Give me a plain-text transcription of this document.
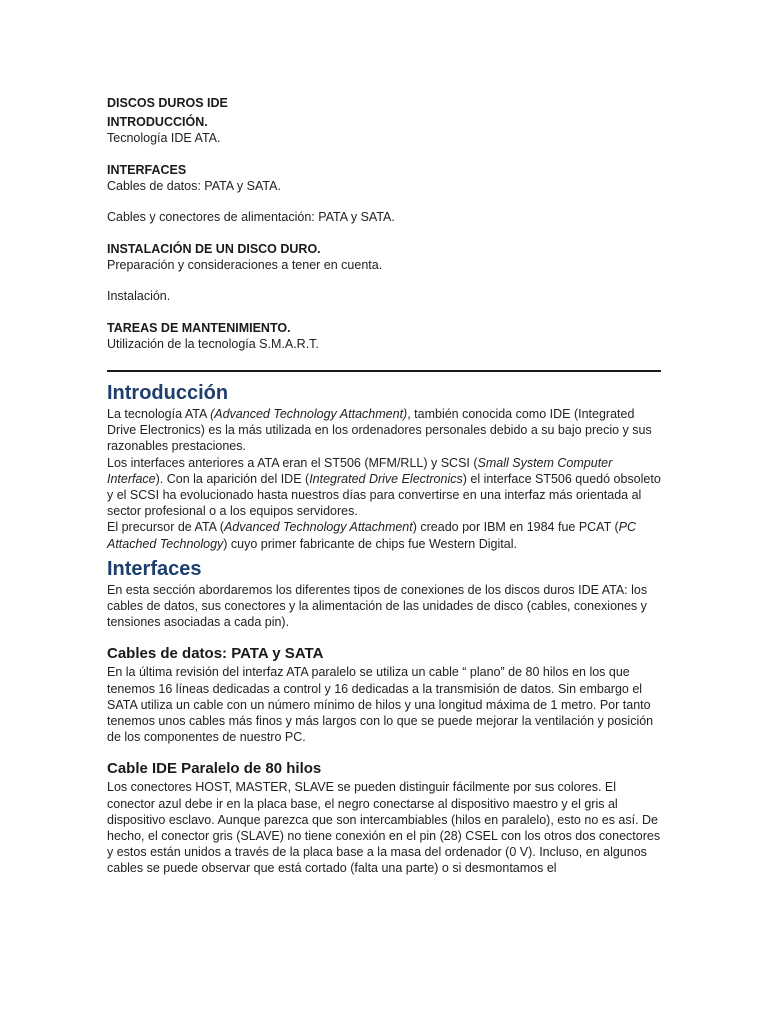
DISCOS DUROS IDE

INTRODUCCIÓN.

Tecnología IDE ATA.

INTERFACES

Cables de datos: PATA y SATA.

Cables y conectores de alimentación: PATA y SATA.

INSTALACIÓN DE UN DISCO DURO.

Preparación y consideraciones a tener en cuenta.

Instalación.

TAREAS DE MANTENIMIENTO.

Utilización de la tecnología S.M.A.R.T.

Introducción

La tecnología ATA (Advanced Technology Attachment), también conocida como IDE (Integrated Drive Electronics) es la más utilizada en los ordenadores personales debido a su bajo precio y sus razonables prestaciones.

Los interfaces anteriores a ATA eran el ST506 (MFM/RLL) y SCSI (Small System Computer Interface). Con la aparición del IDE (Integrated Drive Electronics) el interface ST506 quedó obsoleto y el SCSI ha evolucionado hasta nuestros días para convertirse en una interfaz más orientada al sector profesional o a los equipos servidores.

El precursor de ATA (Advanced Technology Attachment) creado por IBM en 1984 fue PCAT (PC Attached Technology) cuyo primer fabricante de chips fue Western Digital.

Interfaces

En esta sección abordaremos los diferentes tipos de conexiones de los discos duros IDE ATA: los cables de datos, sus conectores y la alimentación de las unidades de disco (cables, conexiones y tensiones asociadas a cada pin).

Cables de datos: PATA y SATA

En la última revisión del interfaz ATA paralelo se utiliza un cable “ plano” de 80 hilos en los que tenemos 16 líneas dedicadas a control y 16 dedicadas a la transmisión de datos. Sin embargo el SATA utiliza un cable con un número mínimo de hilos y una longitud máxima de 1 metro. Por tanto tenemos unos cables más finos y más largos con lo que se puede mejorar la ventilación y posición de los componentes de nuestro PC.

Cable IDE Paralelo de 80 hilos

Los conectores HOST, MASTER, SLAVE se pueden distinguir fácilmente por sus colores. El conector azul debe ir en la placa base, el negro conectarse al dispositivo maestro y el gris al dispositivo esclavo. Aunque parezca que son intercambiables (hilos en paralelo), esto no es así. De hecho, el conector gris (SLAVE) no tiene conexión en el pin (28) CSEL con los otros dos conectores y estos están unidos a través de la placa base a la masa del ordenador (0 V). Incluso, en algunos cables se puede observar que está cortado (falta una parte) o si desmontamos el
